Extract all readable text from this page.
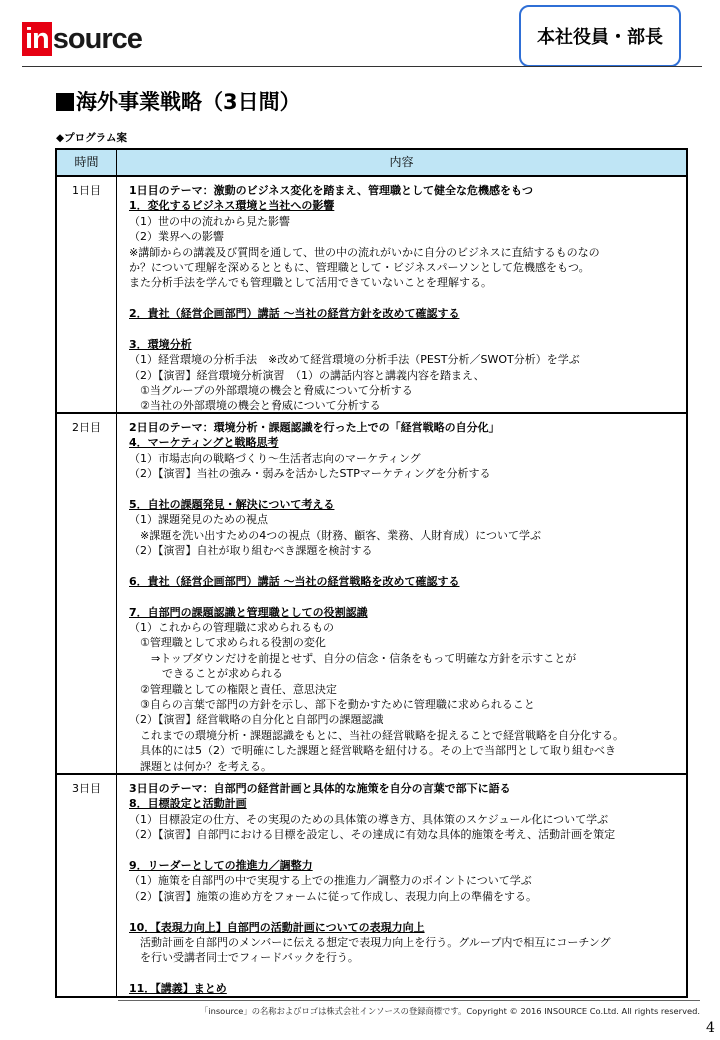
in source	本社役員・部長
海外事業戦略（3日間）
◆プログラム案
時間	内容
1日目	1日目のテーマ：激動のビジネス変化を踏まえ、管理職として健全な危機感をもつ
1．変化するビジネス環境と当社への影響
（1）世の中の流れから見た影響
（2）業界への影響
※講師からの講義及び質問を通して、世の中の流れがいかに自分のビジネスに直結するものなの
か？について理解を深めるとともに、管理職として・ビジネスパーソンとして危機感をもつ。
また分析手法を学んでも管理職として活用できていないことを理解する。
2．貴社（経営企画部門）講話 ～当社の経営方針を改めて確認する
3．環境分析
（1）経営環境の分析手法　※改めて経営環境の分析手法（PEST分析／SWOT分析）を学ぶ
（2）【演習】経営環境分析演習　（1）の講話内容と講義内容を踏まえ、
　①当グループの外部環境の機会と脅威について分析する
　②当社の外部環境の機会と脅威について分析する
2日目	2日目のテーマ：環境分析・課題認識を行った上での「経営戦略の自分化」
4．マーケティングと戦略思考
（1）市場志向の戦略づくり～生活者志向のマーケティング
（2）【演習】当社の強み・弱みを活かしたSTPマーケティングを分析する
5．自社の課題発見・解決について考える
（1）課題発見のための視点
　※課題を洗い出すための4つの視点（財務、顧客、業務、人財育成）について学ぶ
（2）【演習】自社が取り組むべき課題を検討する
6．貴社（経営企画部門）講話 ～当社の経営戦略を改めて確認する
7．自部門の課題認識と管理職としての役割認識
（1）これからの管理職に求められるもの
　①管理職として求められる役割の変化
　　⇒トップダウンだけを前提とせず、自分の信念・信条をもって明確な方針を示すことが
　　　できることが求められる
　②管理職としての権限と責任、意思決定
　③自らの言葉で部門の方針を示し、部下を動かすために管理職に求められること
（2）【演習】経営戦略の自分化と自部門の課題認識
　これまでの環境分析・課題認識をもとに、当社の経営戦略を捉えることで経営戦略を自分化する。
　具体的には5（2）で明確にした課題と経営戦略を紐付ける。その上で当部門として取り組むべき
　課題とは何か？を考える。
3日目	3日目のテーマ：自部門の経営計画と具体的な施策を自分の言葉で部下に語る
8．目標設定と活動計画
（1）目標設定の仕方、その実現のための具体策の導き方、具体策のスケジュール化について学ぶ
（2）【演習】自部門における目標を設定し、その達成に有効な具体的施策を考え、活動計画を策定
9．リーダーとしての推進力／調整力
（1）施策を自部門の中で実現する上での推進力／調整力のポイントについて学ぶ
（2）【演習】施策の進め方をフォームに従って作成し、表現力向上の準備をする。
10．【表現力向上】自部門の活動計画についての表現力向上
　活動計画を自部門のメンバーに伝える想定で表現力向上を行う。グループ内で相互にコーチング
　を行い受講者同士でフィードバックを行う。
11．【講義】まとめ
「insource」の名称およびロゴは株式会社インソースの登録商標です。Copyright © 2016 INSOURCE Co.Ltd. All rights reserved.
4
